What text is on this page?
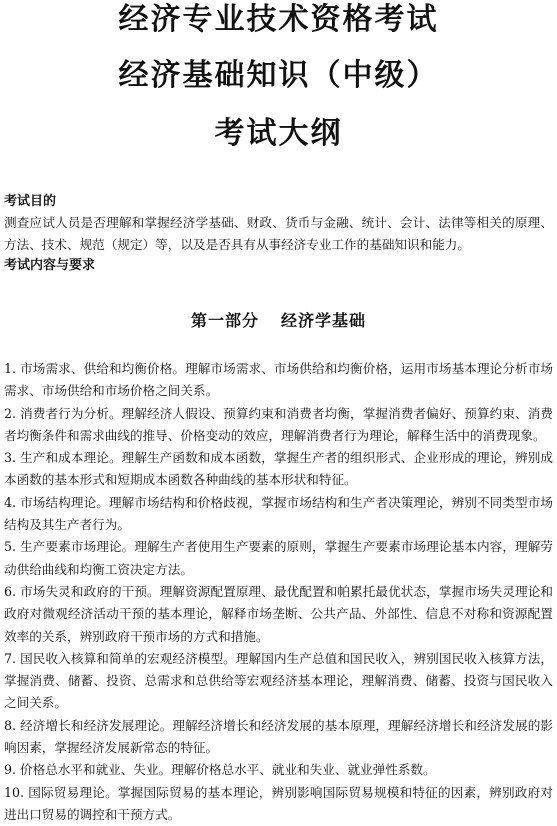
经济专业技术资格考试
经济基础知识（中级）
考试大纲

考试目的

测查应试人员是否理解和掌握经济学基础、财政、货币与金融、统计、会计、法律等相关的原理、方法、技术、规范（规定）等，以及是否具有从事经济专业工作的基础知识和能力。

考试内容与要求

第一部分 经济学基础
1. 市场需求、供给和均衡价格。理解市场需求、市场供给和均衡价格，运用市场基本理论分析市场需求、市场供给和市场价格之间关系。
2. 消费者行为分析。理解经济人假设、预算约束和消费者均衡，掌握消费者偏好、预算约束、消费者均衡条件和需求曲线的推导、价格变动的效应，理解消费者行为理论，解释生活中的消费现象。
3. 生产和成本理论。理解生产函数和成本函数，掌握生产者的组织形式、企业形成的理论，辨别成本函数的基本形式和短期成本函数各种曲线的基本形状和特征。
4. 市场结构理论。理解市场结构和价格歧视，掌握市场结构和生产者决策理论，辨别不同类型市场结构及其生产者行为。
5. 生产要素市场理论。理解生产者使用生产要素的原则，掌握生产要素市场理论基本内容，理解劳动供给曲线和均衡工资决定方法。
6. 市场失灵和政府的干预。理解资源配置原理、最优配置和帕累托最优状态，掌握市场失灵理论和政府对微观经济活动干预的基本理论，解释市场垄断、公共产品、外部性、信息不对称和资源配置效率的关系，辨别政府干预市场的方式和措施。
7. 国民收入核算和简单的宏观经济模型。理解国内生产总值和国民收入，辨别国民收入核算方法，掌握消费、储蓄、投资、总需求和总供给等宏观经济基本理论，理解消费、储蓄、投资与国民收入之间关系。
8. 经济增长和经济发展理论。理解经济增长和经济发展的基本原理，理解经济增长和经济发展的影响因素，掌握经济发展新常态的特征。
9. 价格总水平和就业、失业。理解价格总水平、就业和失业、就业弹性系数。
10. 国际贸易理论。掌握国际贸易的基本理论，辨别影响国际贸易规模和特征的因素，辨别政府对进出口贸易的调控和干预方式。
